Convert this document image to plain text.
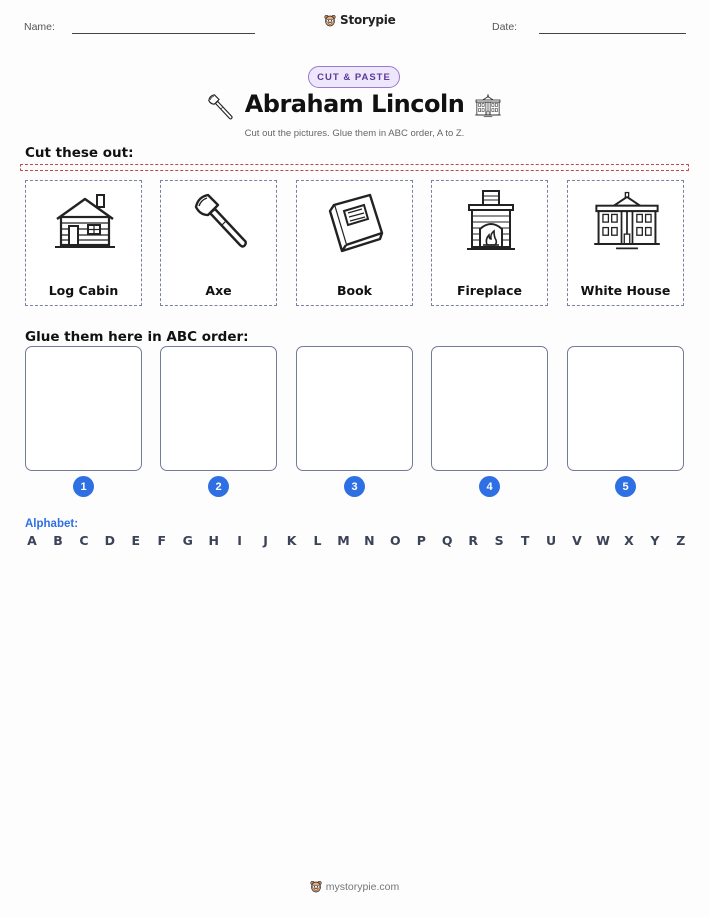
Name:	Storypie	Date:
CUT & PASTE
Abraham Lincoln
Cut out the pictures. Glue them in ABC order, A to Z.
Cut these out:
Log Cabin	Axe	Book	Fireplace	White House
Glue them here in ABC order:
1	2	3	4	5
Alphabet:
A B C D E F G H	I	J	K L M N O P Q R S T U V W X Y Z
mystorypie.com
